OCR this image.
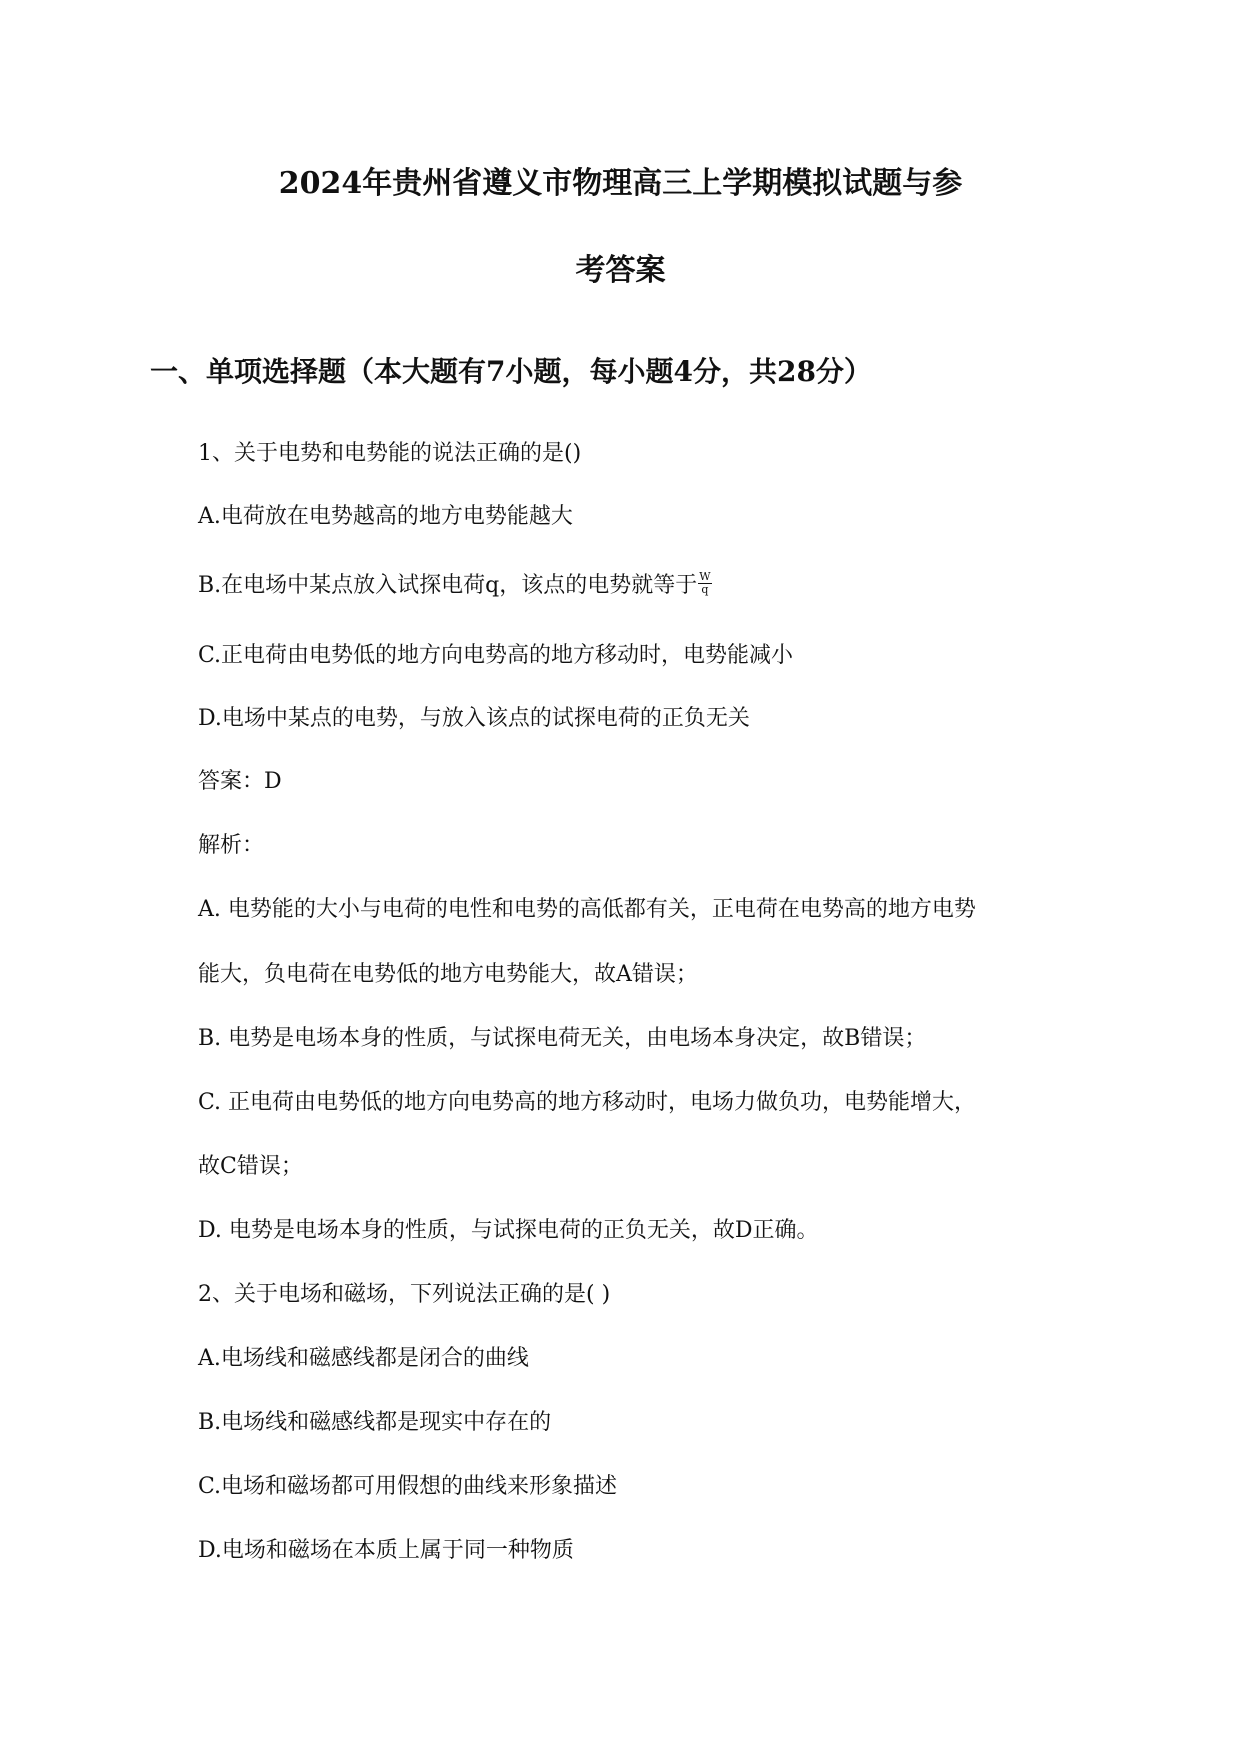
2024年贵州省遵义市物理高三上学期模拟试题与参
考答案
一、单项选择题（本大题有7小题，每小题4分，共28分）
1、关于电势和电势能的说法正确的是()
A.电荷放在电势越高的地方电势能越大
B.在电场中某点放入试探电荷q，该点的电势就等于 $\frac{W}{q}$
C.正电荷由电势低的地方向电势高的地方移动时，电势能减小
D.电场中某点的电势，与放入该点的试探电荷的正负无关
答案：D
解析：
A. 电势能的大小与电荷的电性和电势的高低都有关，正电荷在电势高的地方电势
能大，负电荷在电势低的地方电势能大，故A错误；
B. 电势是电场本身的性质，与试探电荷无关，由电场本身决定，故B错误；
C. 正电荷由电势低的地方向电势高的地方移动时，电场力做负功，电势能增大，
故C错误；
D. 电势是电场本身的性质，与试探电荷的正负无关，故D正确。
2、关于电场和磁场，下列说法正确的是( )
A.电场线和磁感线都是闭合的曲线
B.电场线和磁感线都是现实中存在的
C.电场和磁场都可用假想的曲线来形象描述
D.电场和磁场在本质上属于同一种物质
